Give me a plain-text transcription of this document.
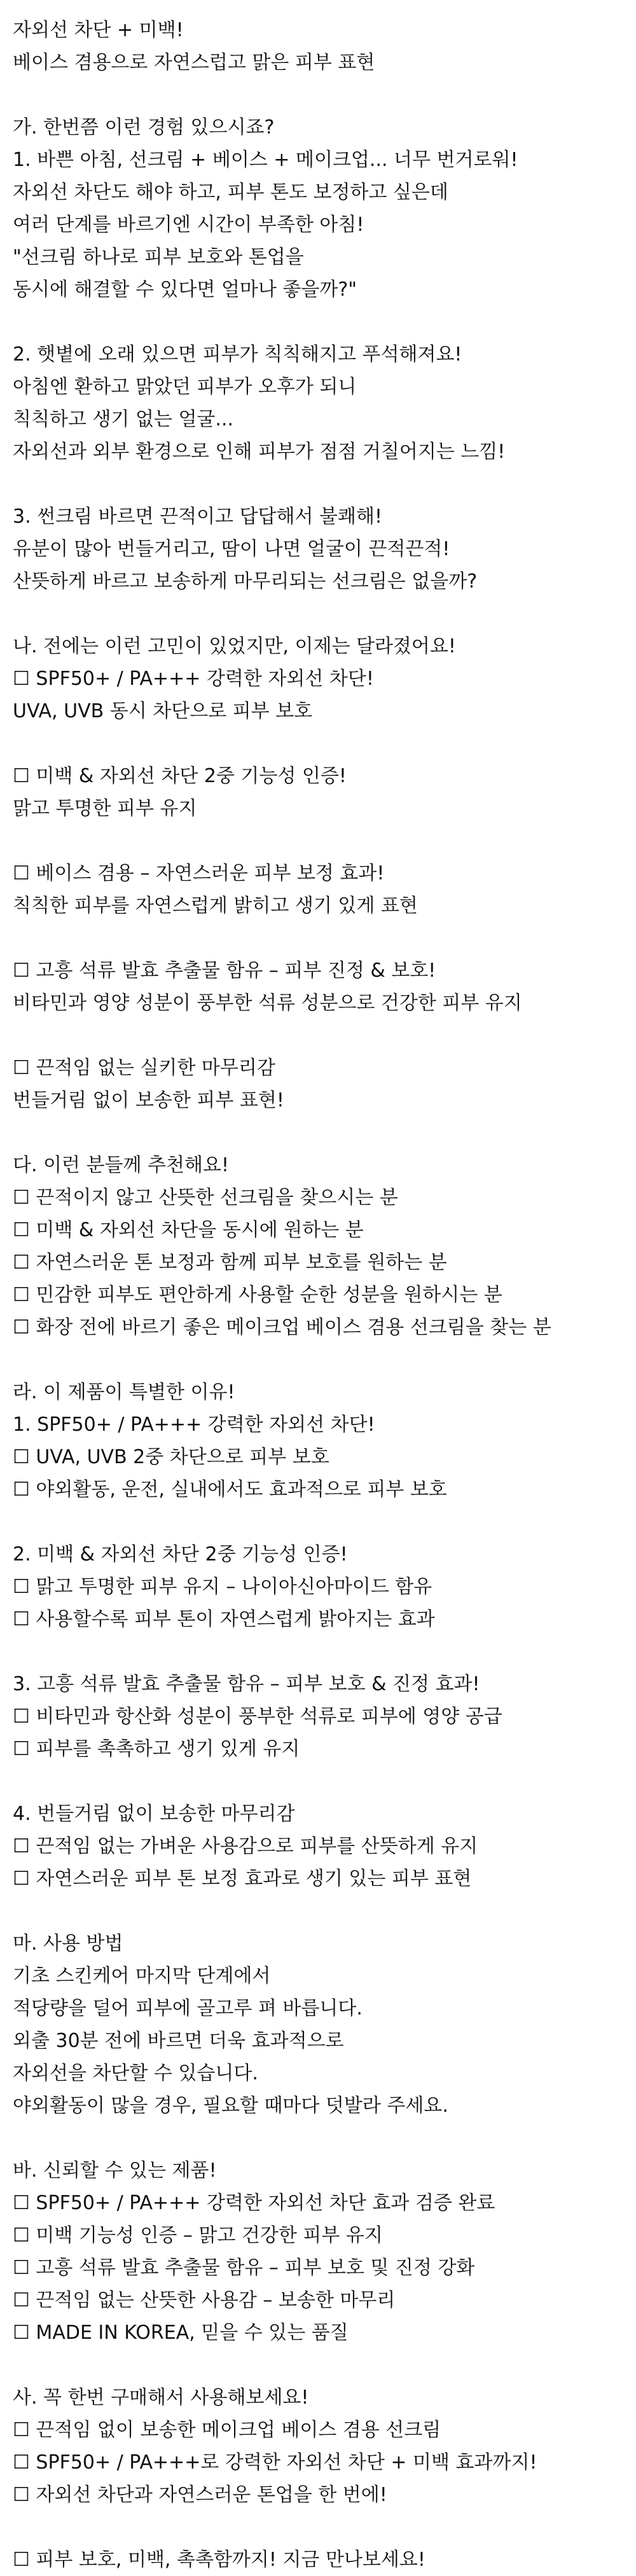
자외선 차단 + 미백!
베이스 겸용으로 자연스럽고 맑은 피부 표현
가. 한번쯤 이런 경험 있으시죠?
1. 바쁜 아침, 선크림 + 베이스 + 메이크업... 너무 번거로워!
자외선 차단도 해야 하고, 피부 톤도 보정하고 싶은데
여러 단계를 바르기엔 시간이 부족한 아침!
"선크림 하나로 피부 보호와 톤업을
동시에 해결할 수 있다면 얼마나 좋을까?"
2. 햇볕에 오래 있으면 피부가 칙칙해지고 푸석해져요!
아침엔 환하고 맑았던 피부가 오후가 되니
칙칙하고 생기 없는 얼굴...
자외선과 외부 환경으로 인해 피부가 점점 거칠어지는 느낌!
3. 썬크림 바르면 끈적이고 답답해서 불쾌해!
유분이 많아 번들거리고, 땀이 나면 얼굴이 끈적끈적!
산뜻하게 바르고 보송하게 마무리되는 선크림은 없을까?
나. 전에는 이런 고민이 있었지만, 이제는 달라졌어요!
☐ SPF50+ / PA+++ 강력한 자외선 차단!
UVA, UVB 동시 차단으로 피부 보호
☐ 미백 & 자외선 차단 2중 기능성 인증!
맑고 투명한 피부 유지
☐ 베이스 겸용 – 자연스러운 피부 보정 효과!
칙칙한 피부를 자연스럽게 밝히고 생기 있게 표현
☐ 고흥 석류 발효 추출물 함유 – 피부 진정 & 보호!
비타민과 영양 성분이 풍부한 석류 성분으로 건강한 피부 유지
☐ 끈적임 없는 실키한 마무리감
번들거림 없이 보송한 피부 표현!
다. 이런 분들께 추천해요!
☐ 끈적이지 않고 산뜻한 선크림을 찾으시는 분
☐ 미백 & 자외선 차단을 동시에 원하는 분
☐ 자연스러운 톤 보정과 함께 피부 보호를 원하는 분
☐ 민감한 피부도 편안하게 사용할 순한 성분을 원하시는 분
☐ 화장 전에 바르기 좋은 메이크업 베이스 겸용 선크림을 찾는 분
라. 이 제품이 특별한 이유!
1. SPF50+ / PA+++ 강력한 자외선 차단!
☐ UVA, UVB 2중 차단으로 피부 보호
☐ 야외활동, 운전, 실내에서도 효과적으로 피부 보호
2. 미백 & 자외선 차단 2중 기능성 인증!
☐ 맑고 투명한 피부 유지 – 나이아신아마이드 함유
☐ 사용할수록 피부 톤이 자연스럽게 밝아지는 효과
3. 고흥 석류 발효 추출물 함유 – 피부 보호 & 진정 효과!
☐ 비타민과 항산화 성분이 풍부한 석류로 피부에 영양 공급
☐ 피부를 촉촉하고 생기 있게 유지
4. 번들거림 없이 보송한 마무리감
☐ 끈적임 없는 가벼운 사용감으로 피부를 산뜻하게 유지
☐ 자연스러운 피부 톤 보정 효과로 생기 있는 피부 표현
마. 사용 방법
기초 스킨케어 마지막 단계에서
적당량을 덜어 피부에 골고루 펴 바릅니다.
외출 30분 전에 바르면 더욱 효과적으로
자외선을 차단할 수 있습니다.
야외활동이 많을 경우, 필요할 때마다 덧발라 주세요.
바. 신뢰할 수 있는 제품!
☐ SPF50+ / PA+++ 강력한 자외선 차단 효과 검증 완료
☐ 미백 기능성 인증 – 맑고 건강한 피부 유지
☐ 고흥 석류 발효 추출물 함유 – 피부 보호 및 진정 강화
☐ 끈적임 없는 산뜻한 사용감 – 보송한 마무리
☐ MADE IN KOREA, 믿을 수 있는 품질
사. 꼭 한번 구매해서 사용해보세요!
☐ 끈적임 없이 보송한 메이크업 베이스 겸용 선크림
☐ SPF50+ / PA+++로 강력한 자외선 차단 + 미백 효과까지!
☐ 자외선 차단과 자연스러운 톤업을 한 번에!
☐ 피부 보호, 미백, 촉촉함까지! 지금 만나보세요!
